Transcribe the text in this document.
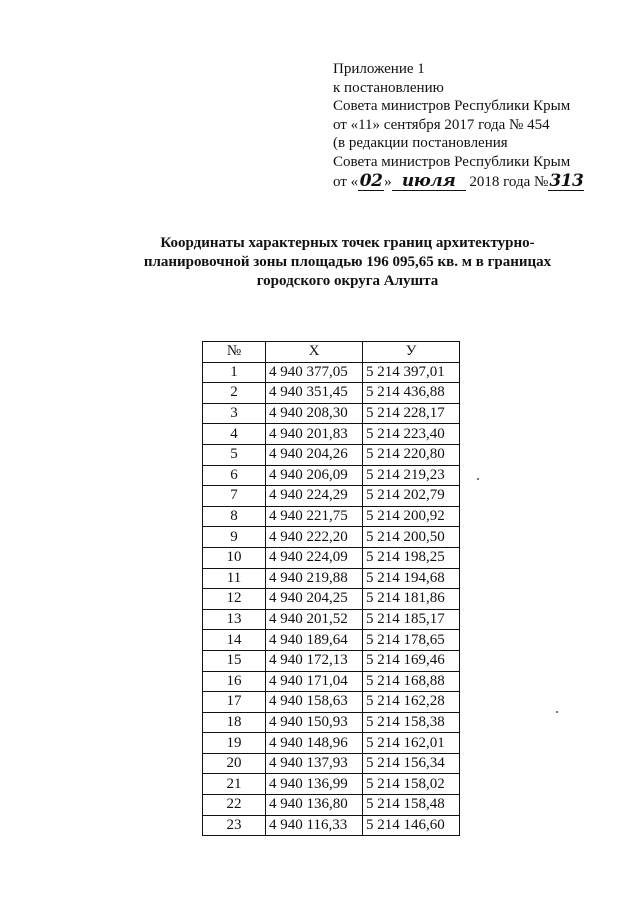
Приложение 1
к постановлению
Совета министров Республики Крым
от «11» сентября 2017 года № 454
(в редакции постановления
Совета министров Республики Крым
от «02 » июля 2018 года №313
Координаты характерных точек границ архитектурно-планировочной зоны площадью 196 095,65 кв. м в границах городского округа Алушта
№	Х	У
1	4 940 377,05	5 214 397,01
2	4 940 351,45	5 214 436,88
3	4 940 208,30	5 214 228,17
4	4 940 201,83	5 214 223,40
5	4 940 204,26	5 214 220,80
6	4 940 206,09	5 214 219,23
7	4 940 224,29	5 214 202,79
8	4 940 221,75	5 214 200,92
9	4 940 222,20	5 214 200,50
10	4 940 224,09	5 214 198,25
11	4 940 219,88	5 214 194,68
12	4 940 204,25	5 214 181,86
13	4 940 201,52	5 214 185,17
14	4 940 189,64	5 214 178,65
15	4 940 172,13	5 214 169,46
16	4 940 171,04	5 214 168,88
17	4 940 158,63	5 214 162,28
18	4 940 150,93	5 214 158,38
19	4 940 148,96	5 214 162,01
20	4 940 137,93	5 214 156,34
21	4 940 136,99	5 214 158,02
22	4 940 136,80	5 214 158,48
23	4 940 116,33	5 214 146,60
